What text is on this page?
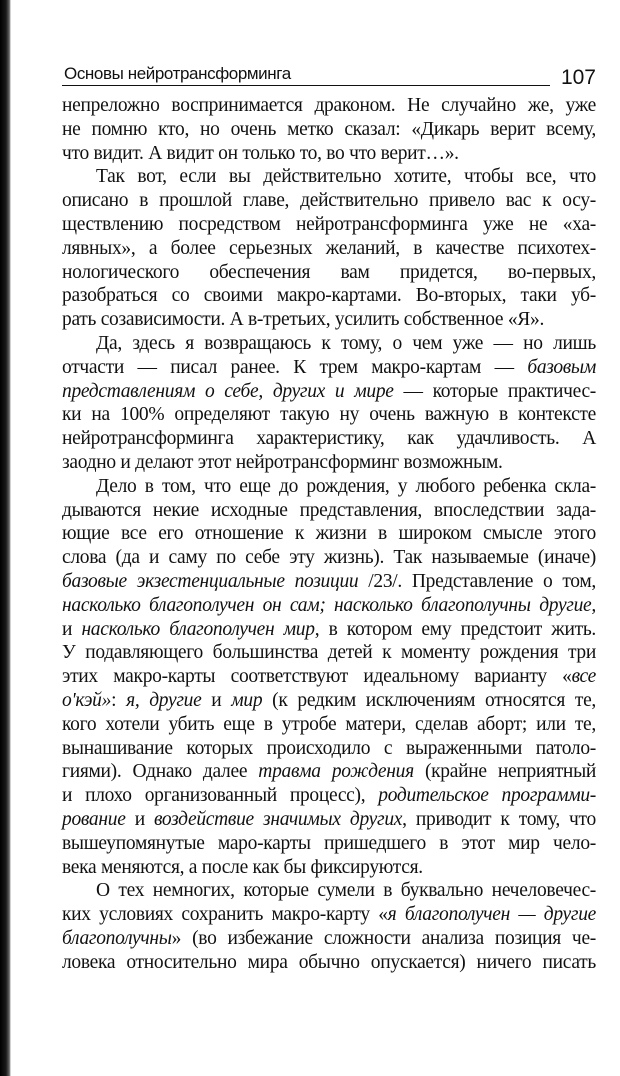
Основы нейротрансформинга	107
непреложно воспринимается драконом. Не случайно же, уже
не помню кто, но очень метко сказал: «Дикарь верит всему,
что видит. А видит он только то, во что верит…».
Так вот, если вы действительно хотите, чтобы все, что
описано в прошлой главе, действительно привело вас к осу-
ществлению посредством нейротрансформинга уже не «ха-
лявных», а более серьезных желаний, в качестве психотех-
нологического обеспечения вам придется, во-первых,
разобраться со своими макро-картами. Во-вторых, таки уб-
рать созависимости. А в-третьих, усилить собственное «Я».
Да, здесь я возвращаюсь к тому, о чем уже — но лишь
отчасти — писал ранее. К трем макро-картам — базовым
представлениям о себе, других и мире — которые практичес-
ки на 100% определяют такую ну очень важную в контексте
нейротрансформинга характеристику, как удачливость. А
заодно и делают этот нейротрансформинг возможным.
Дело в том, что еще до рождения, у любого ребенка скла-
дываются некие исходные представления, впоследствии зада-
ющие все его отношение к жизни в широком смысле этого
слова (да и саму по себе эту жизнь). Так называемые (иначе)
базовые экзестенциальные позиции /23/. Представление о том,
насколько благополучен он сам; насколько благополучны другие,
и насколько благополучен мир, в котором ему предстоит жить.
У подавляющего большинства детей к моменту рождения три
этих макро-карты соответствуют идеальному варианту «все
о'кэй»: я, другие и мир (к редким исключениям относятся те,
кого хотели убить еще в утробе матери, сделав аборт; или те,
вынашивание которых происходило с выраженными патоло-
гиями). Однако далее травма рождения (крайне неприятный
и плохо организованный процесс), родительское программи-
рование и воздействие значимых других, приводит к тому, что
вышеупомянутые маро-карты пришедшего в этот мир чело-
века меняются, а после как бы фиксируются.
О тех немногих, которые сумели в буквально нечеловечес-
ких условиях сохранить макро-карту «я благополучен — другие
благополучны» (во избежание сложности анализа позиция че-
ловека относительно мира обычно опускается) ничего писать
